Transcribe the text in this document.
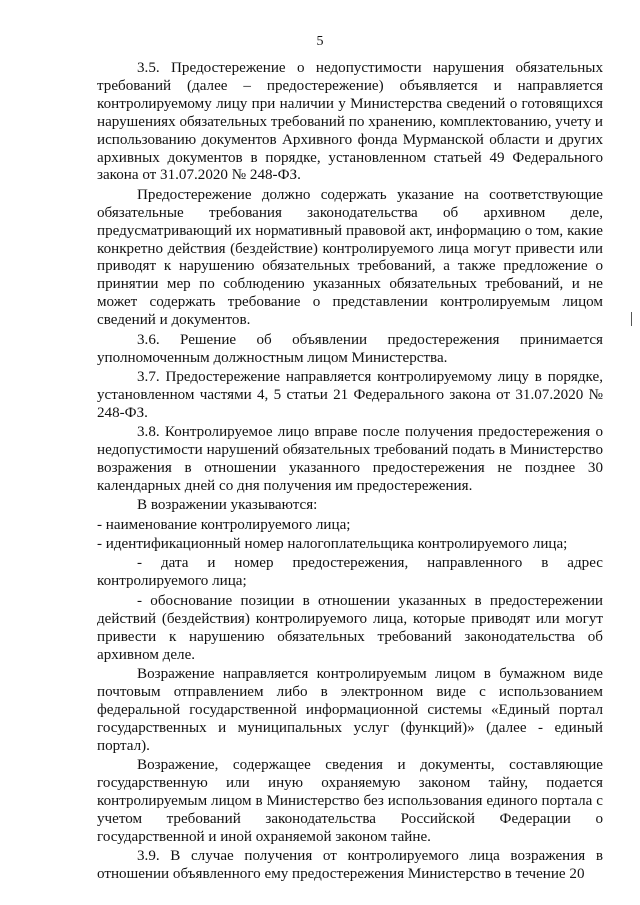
5

3.5. Предостережение о недопустимости нарушения обязательных требований (далее – предостережение) объявляется и направляется контролируемому лицу при наличии у Министерства сведений о готовящихся нарушениях обязательных требований по хранению, комплектованию, учету и использованию документов Архивного фонда Мурманской области и других архивных документов в порядке, установленном статьей 49 Федерального закона от 31.07.2020 № 248-ФЗ.

Предостережение должно содержать указание на соответствующие обязательные требования законодательства об архивном деле, предусматривающий их нормативный правовой акт, информацию о том, какие конкретно действия (бездействие) контролируемого лица могут привести или приводят к нарушению обязательных требований, а также предложение о принятии мер по соблюдению указанных обязательных требований, и не может содержать требование о представлении контролируемым лицом сведений и документов.

3.6. Решение об объявлении предостережения принимается уполномоченным должностным лицом Министерства.

3.7. Предостережение направляется контролируемому лицу в порядке, установленном частями 4, 5 статьи 21 Федерального закона от 31.07.2020 № 248-ФЗ.

3.8. Контролируемое лицо вправе после получения предостережения о недопустимости нарушений обязательных требований подать в Министерство возражения в отношении указанного предостережения не позднее 30 календарных дней со дня получения им предостережения.

В возражении указываются:

- наименование контролируемого лица;

- идентификационный номер налогоплательщика контролируемого лица;

- дата и номер предостережения, направленного в адрес контролируемого лица;

- обоснование позиции в отношении указанных в предостережении действий (бездействия) контролируемого лица, которые приводят или могут привести к нарушению обязательных требований законодательства об архивном деле.

Возражение направляется контролируемым лицом в бумажном виде почтовым отправлением либо в электронном виде с использованием федеральной государственной информационной системы «Единый портал государственных и муниципальных услуг (функций)» (далее - единый портал).

Возражение, содержащее сведения и документы, составляющие государственную или иную охраняемую законом тайну, подается контролируемым лицом в Министерство без использования единого портала с учетом требований законодательства Российской Федерации о государственной и иной охраняемой законом тайне.

3.9. В случае получения от контролируемого лица возражения в отношении объявленного ему предостережения Министерство в течение 20
